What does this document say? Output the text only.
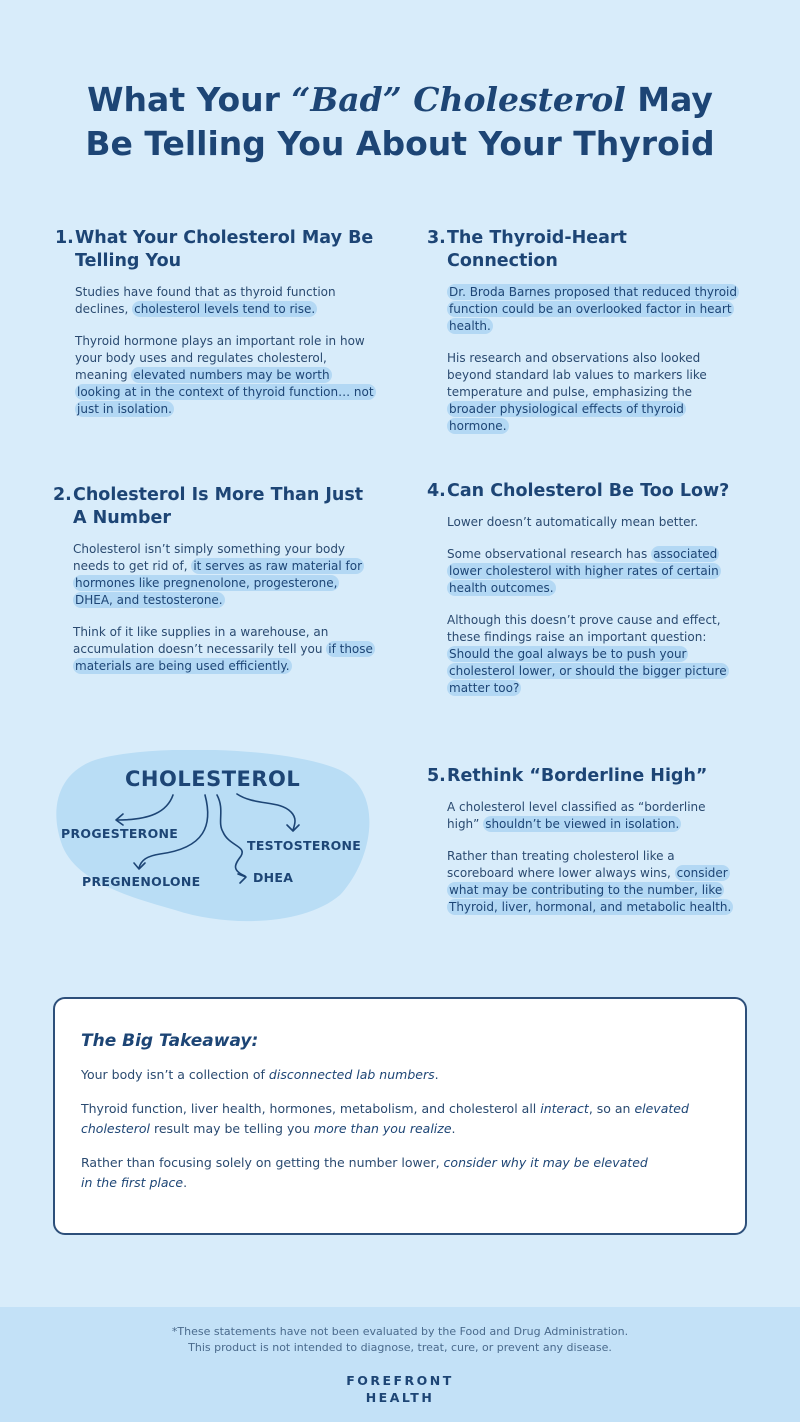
What Your “Bad” Cholesterol May
Be Telling You About Your Thyroid
1. What Your Cholesterol May Be Telling You

Studies have found that as thyroid function declines, cholesterol levels tend to rise.

Thyroid hormone plays an important role in how your body uses and regulates cholesterol, meaning elevated numbers may be worth looking at in the context of thyroid function… not just in isolation.

2. Cholesterol Is More Than Just A Number

Cholesterol isn’t simply something your body needs to get rid of, it serves as raw material for hormones like pregnenolone, progesterone, DHEA, and testosterone.

Think of it like supplies in a warehouse, an accumulation doesn’t necessarily tell you if those materials are being used efficiently.

3. The Thyroid-Heart Connection

Dr. Broda Barnes proposed that reduced thyroid function could be an overlooked factor in heart health.

His research and observations also looked beyond standard lab values to markers like temperature and pulse, emphasizing the broader physiological effects of thyroid hormone.

4. Can Cholesterol Be Too Low?

Lower doesn’t automatically mean better.

Some observational research has associated lower cholesterol with higher rates of certain health outcomes.

Although this doesn’t prove cause and effect, these findings raise an important question: Should the goal always be to push your cholesterol lower, or should the bigger picture matter too?

5. Rethink “Borderline High”

A cholesterol level classified as “borderline high” shouldn’t be viewed in isolation.

Rather than treating cholesterol like a scoreboard where lower always wins, consider what may be contributing to the number, like Thyroid, liver, hormonal, and metabolic health.

CHOLESTEROL
PROGESTERONE
TESTOSTERONE
PREGNENOLONE	DHEA
The Big Takeaway:

Your body isn’t a collection of disconnected lab numbers.

Thyroid function, liver health, hormones, metabolism, and cholesterol all interact, so an elevated cholesterol result may be telling you more than you realize.

Rather than focusing solely on getting the number lower, consider why it may be elevated in the first place.

*These statements have not been evaluated by the Food and Drug Administration.
This product is not intended to diagnose, treat, cure, or prevent any disease.
FOREFRONT
HEALTH
